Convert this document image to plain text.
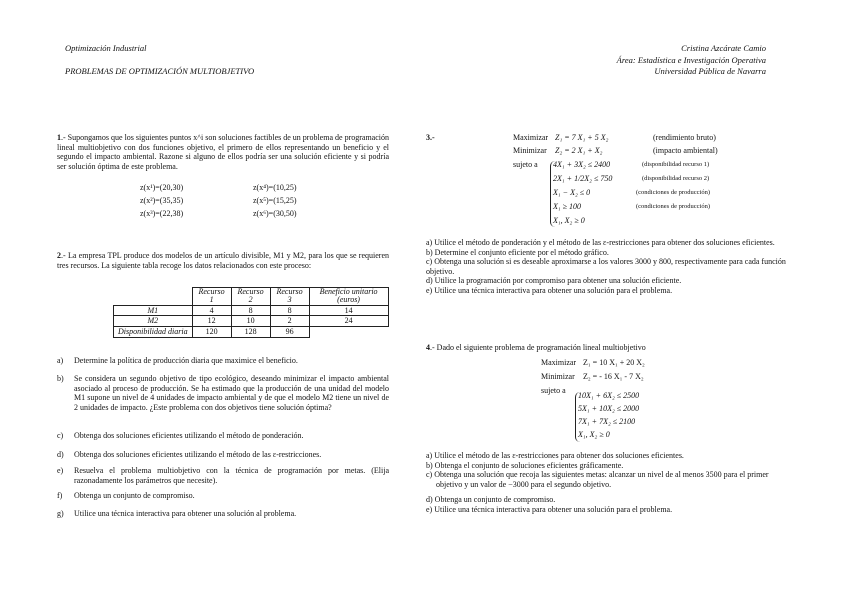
Optimización Industrial
PROBLEMAS DE OPTIMIZACIÓN MULTIOBJETIVO
Cristina Azcárate Camio
Área: Estadística e Investigación Operativa
Universidad Pública de Navarra
1.- Supongamos que los siguientes puntos x^i son soluciones factibles de un problema de programación lineal multiobjetivo con dos funciones objetivo, el primero de ellos representando un beneficio y el segundo el impacto ambiental. Razone si alguno de ellos podría ser una solución eficiente y si podría ser solución óptima de este problema.
z(x¹)=(20,30)	z(x⁴)=(10,25)
z(x²)=(35,35)	z(x⁵)=(15,25)
z(x³)=(22,38)	z(x⁶)=(30,50)
2.- La empresa TPL produce dos modelos de un artículo divisible, M1 y M2, para los que se requieren tres recursos. La siguiente tabla recoge los datos relacionados con este proceso:
	Recurso 1	Recurso 2	Recurso 3	Beneficio unitario (euros)
M1	4	8	8	14
M2	12	10	2	24
Disponibilidad diaria	120	128	96	
a) Determine la política de producción diaria que maximice el beneficio.
b) Se considera un segundo objetivo de tipo ecológico, deseando minimizar el impacto ambiental asociado al proceso de producción. Se ha estimado que la producción de una unidad del modelo M1 supone un nivel de 4 unidades de impacto ambiental y de que el modelo M2 tiene un nivel de 2 unidades de impacto. ¿Este problema con dos objetivos tiene solución óptima?
c) Obtenga dos soluciones eficientes utilizando el método de ponderación.
d) Obtenga dos soluciones eficientes utilizando el método de las ε-restricciones.
e) Resuelva el problema multiobjetivo con la técnica de programación por metas. (Elija razonadamente los parámetros que necesite).
f) Obtenga un conjunto de compromiso.
g) Utilice una técnica interactiva para obtener una solución al problema.
3.-	Maximizar Z₁ = 7 X₁ + 5 X₂	(rendimiento bruto)
Minimizar Z₂ = 2 X₁ + X₂	(impacto ambiental)
sujeto a 4X₁ + 3X₂ ≤ 2400	(disponibilidad recurso 1)
2X₁ + 1/2X₂ ≤ 750	(disponibilidad recurso 2)
X₁ − X₂ ≤ 0	(condiciones de producción)
X₁ ≥ 100	(condiciones de producción)
X₁, X₂ ≥ 0
a) Utilice el método de ponderación y el método de las ε-restricciones para obtener dos soluciones eficientes.
b) Determine el conjunto eficiente por el método gráfico.
c) Obtenga una solución si es deseable aproximarse a los valores 3000 y 800, respectivamente para cada función objetivo.
d) Utilice la programación por compromiso para obtener una solución eficiente.
e) Utilice una técnica interactiva para obtener una solución para el problema.
4.- Dado el siguiente problema de programación lineal multiobjetivo
Maximizar Z₁ = 10 X₁ + 20 X₂
Minimizar Z₂ = - 16 X₁ - 7 X₂
sujeto a
10X₁ + 6X₂ ≤ 2500
5X₁ + 10X₂ ≤ 2000
7X₁ + 7X₂ ≤ 2100
X₁, X₂ ≥ 0
a) Utilice el método de las ε-restricciones para obtener dos soluciones eficientes.
b) Obtenga el conjunto de soluciones eficientes gráficamente.
c) Obtenga una solución que recoja las siguientes metas: alcanzar un nivel de al menos 3500 para el primer objetivo y un valor de −3000 para el segundo objetivo.
d) Obtenga un conjunto de compromiso.
e) Utilice una técnica interactiva para obtener una solución para el problema.
